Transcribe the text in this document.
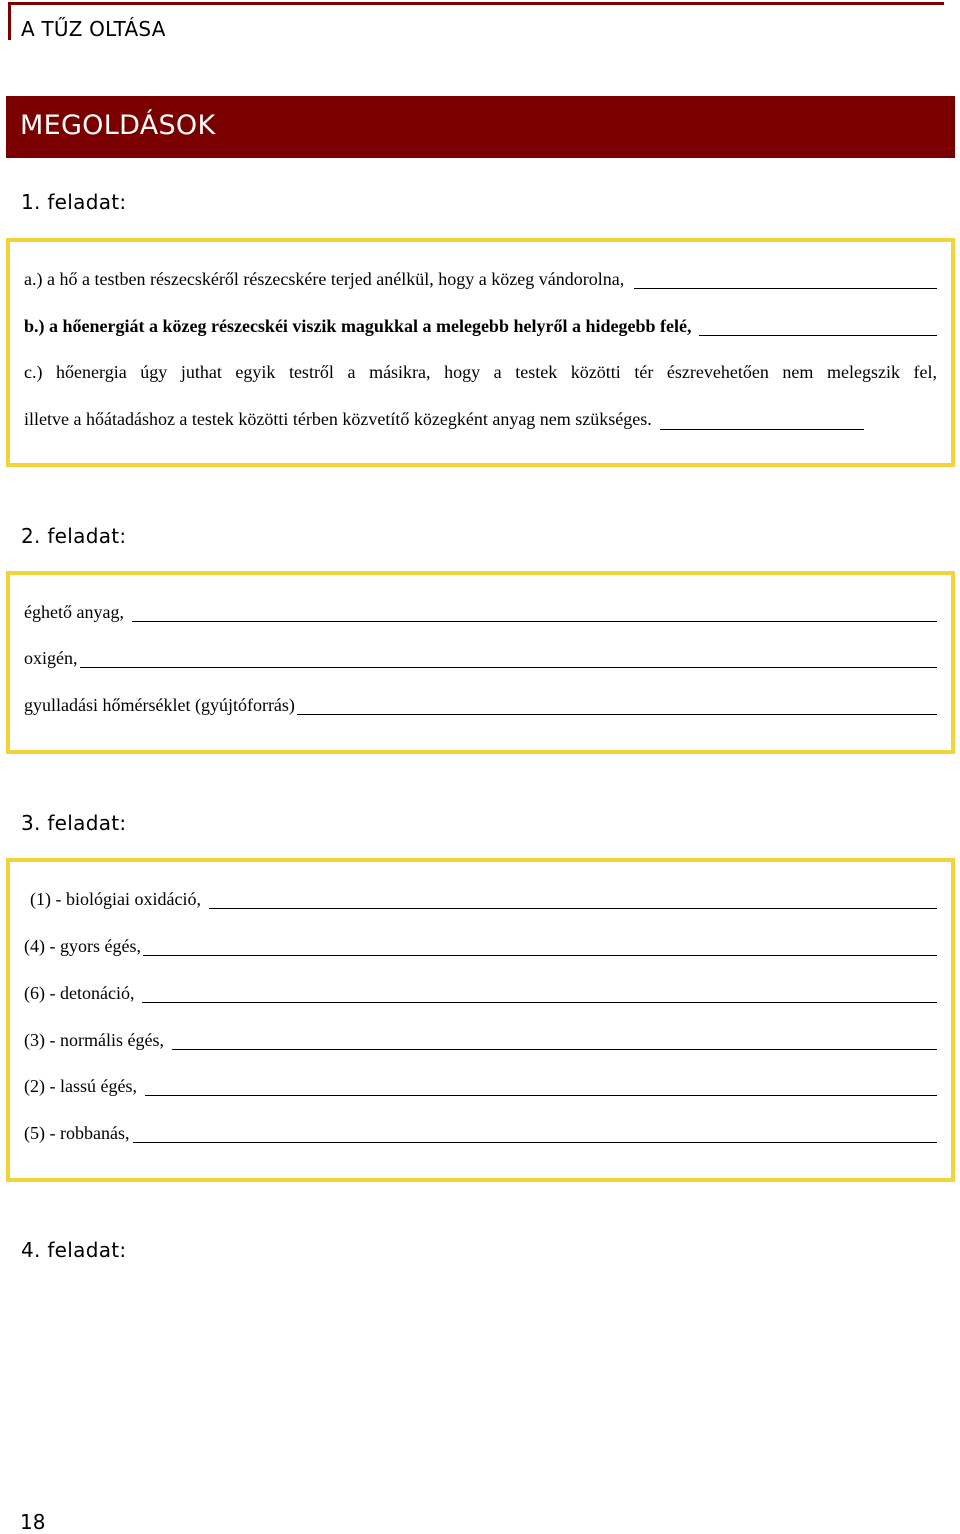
A TŰZ OLTÁSA
MEGOLDÁSOK
1. feladat:
a.) a hő a testben részecskéről részecskére terjed anélkül, hogy a közeg vándorolna,
b.) a hőenergiát a közeg részecskéi viszik magukkal a melegebb helyről a hidegebb felé,
c.) hőenergia úgy juthat egyik testről a másikra, hogy a testek közötti tér észrevehetően nem melegszik fel,
illetve a hőátadáshoz a testek közötti térben közvetítő közegként anyag nem szükséges.
2. feladat:
éghető anyag,
oxigén,
gyulladási hőmérséklet (gyújtóforrás)
3. feladat:
(1) - biológiai oxidáció,
(4) - gyors égés,
(6) - detonáció,
(3) - normális égés,
(2) - lassú égés,
(5) - robbanás,
4. feladat:
18
